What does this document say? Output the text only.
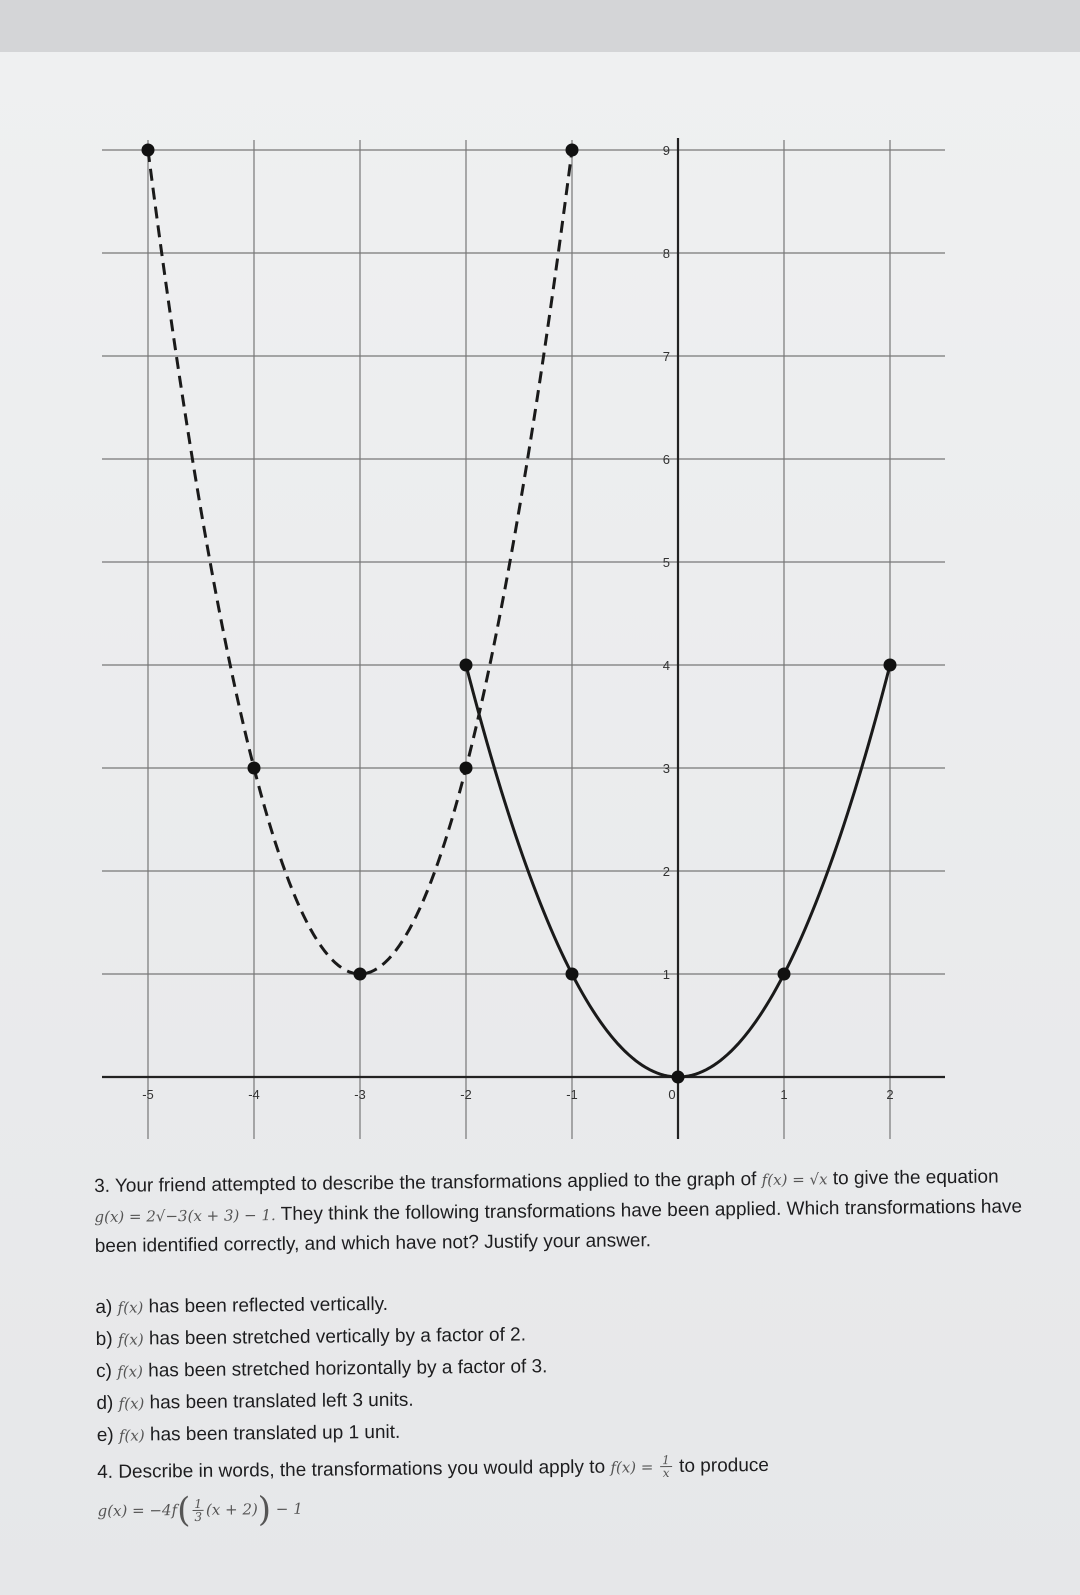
-5	-4	-3	-2	-1	0	1	2
1
2
3
4
5
6
7
8
9

3. Your friend attempted to describe the transformations applied to the graph of f(x) = √x to give the equation g(x) = 2√−3(x + 3) − 1. They think the following transformations have been applied. Which transformations have been identified correctly, and which have not? Justify your answer.

a) f(x) has been reflected vertically.

b) f(x) has been stretched vertically by a factor of 2.

c) f(x) has been stretched horizontally by a factor of 3.

d) f(x) has been translated left 3 units.

e) f(x) has been translated up 1 unit.

4. Describe in words, the transformations you would apply to $f(x) = \frac{1}{x}$ to produce

$g(x) = -4f( \frac{1}{3} (x + 2)) - 1$
